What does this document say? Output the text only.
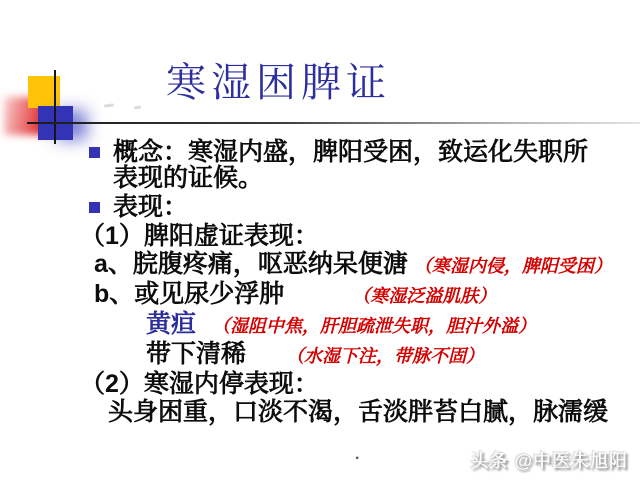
寒湿困脾证
概念：寒湿内盛，脾阳受困，致运化失职所表现的证候。
表现：
（1）脾阳虚证表现：
a、脘腹疼痛，呕恶纳呆便溏 （寒湿内侵，脾阳受困）
b、或见尿少浮肿	（寒湿泛溢肌肤）
黄疸 （湿阻中焦，肝胆疏泄失职，胆汁外溢）
带下清稀 （水湿下注，带脉不固）
（2）寒湿内停表现：
头身困重，口淡不渴，舌淡胖苔白腻，脉濡缓
.	头条 @中医朱旭阳
